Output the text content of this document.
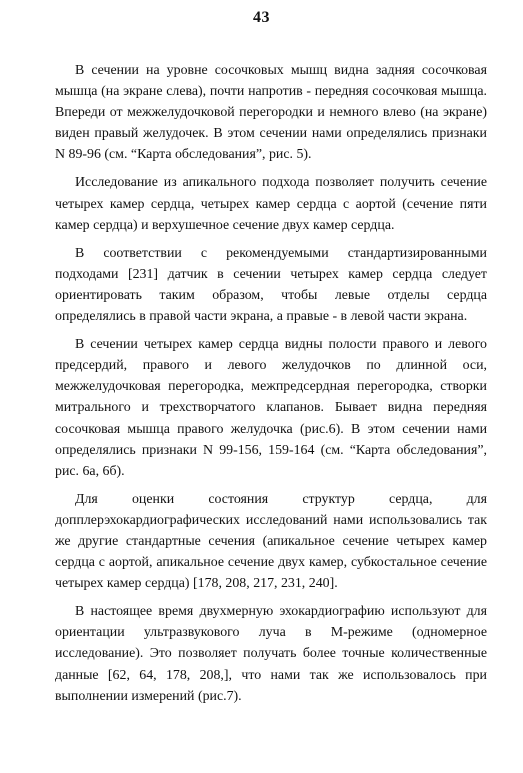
43

В сечении на уровне сосочковых мышц видна задняя сосочковая мышца (на экране слева), почти напротив - передняя сосочковая мышца. Впереди от межжелудочковой перегородки и немного влево (на экране) виден правый желудочек. В этом сечении нами определялись признаки N 89-96 (см. “Карта обследования”, рис. 5).

Исследование из апикального подхода позволяет получить сечение четырех камер сердца, четырех камер сердца с аортой (сечение пяти камер сердца) и верхушечное сечение двух камер сердца.

В соответствии с рекомендуемыми стандартизированными подходами [231] датчик в сечении четырех камер сердца следует ориентировать таким образом, чтобы левые отделы сердца определялись в правой части экрана, а правые - в левой части экрана.

В сечении четырех камер сердца видны полости правого и левого предсердий, правого и левого желудочков по длинной оси, межжелудочковая перегородка, межпредсердная перегородка, створки митрального и трехстворчатого клапанов. Бывает видна передняя сосочковая мышца правого желудочка (рис.6). В этом сечении нами определялись признаки N 99-156, 159-164 (см. “Карта обследования”, рис. 6а, 6б).

Для оценки состояния структур сердца, для допплерэхокардиографических исследований нами использовались так же другие стандартные сечения (апикальное сечение четырех камер сердца с аортой, апикальное сечение двух камер, субкостальное сечение четырех камер сердца) [178, 208, 217, 231, 240].

В настоящее время двухмерную эхокардиографию используют для ориентации ультразвукового луча в М-режиме (одномерное исследование). Это позволяет получать более точные количественные данные [62, 64, 178, 208,], что нами так же использовалось при выполнении измерений (рис.7).
